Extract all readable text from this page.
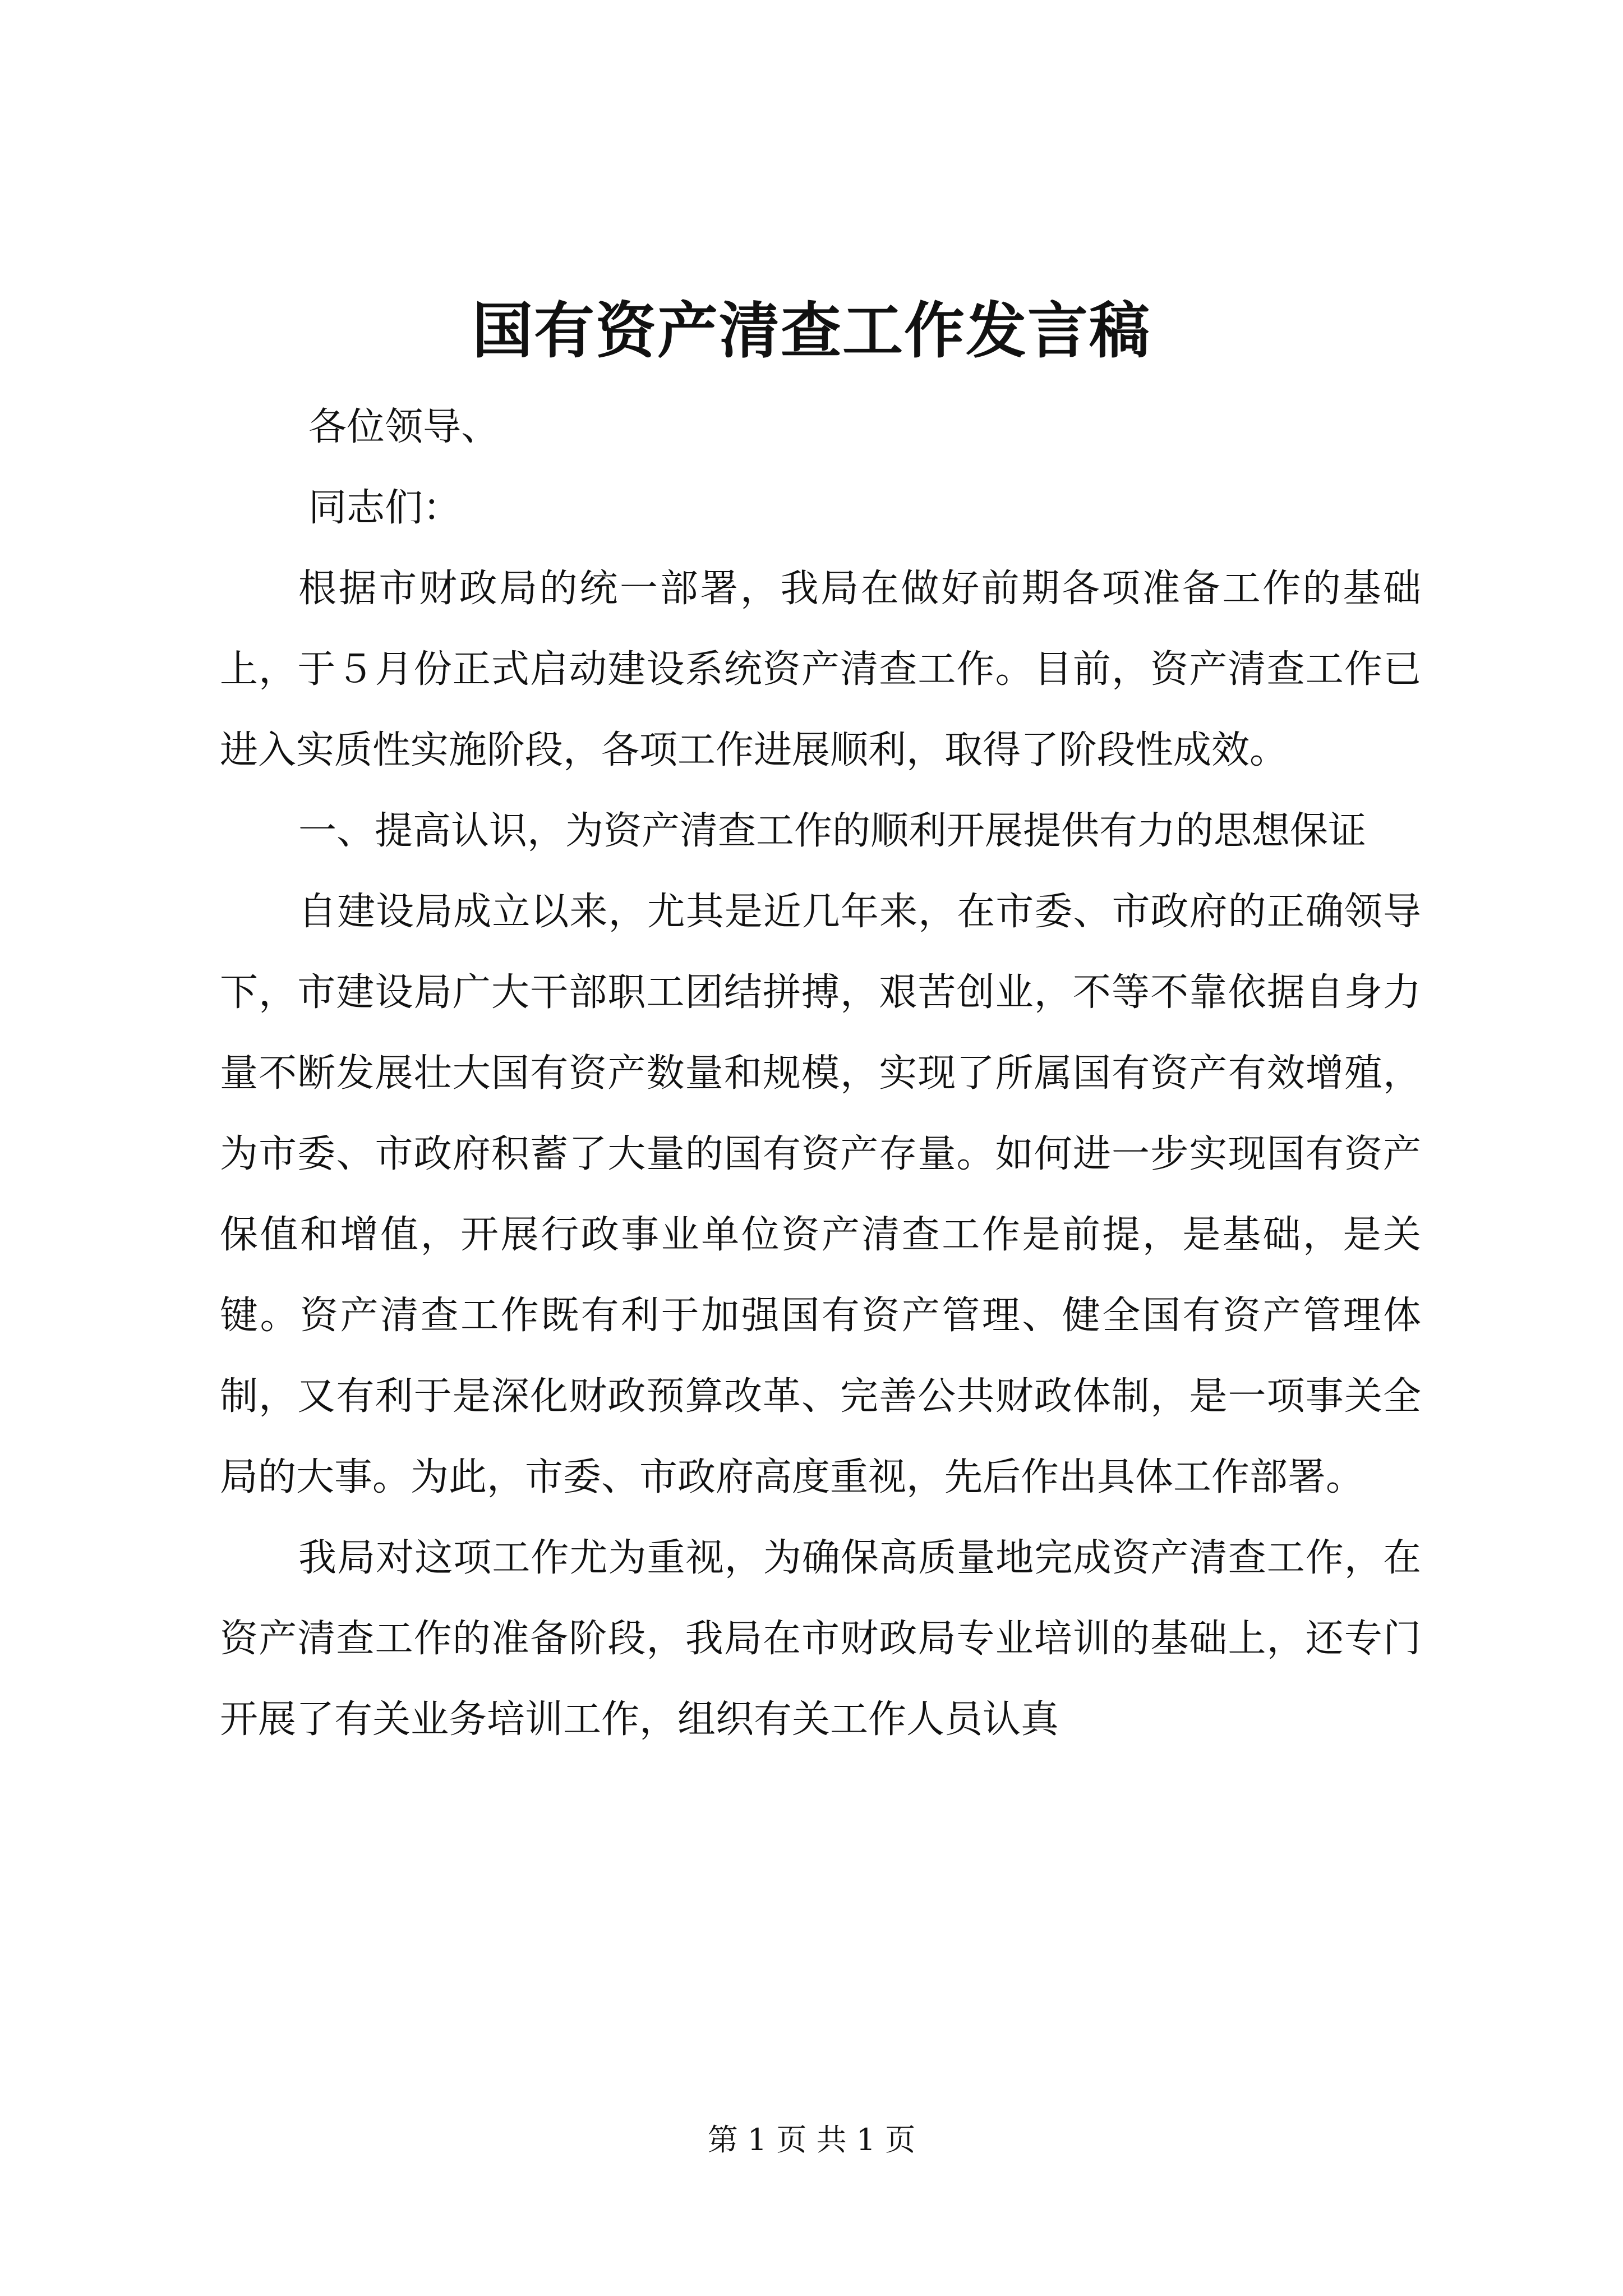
国有资产清查工作发言稿

各位领导、

同志们：

根据市财政局的统一部署，我局在做好前期各项准备工作的基础上，于５月份正式启动建设系统资产清查工作。目前，资产清查工作已进入实质性实施阶段，各项工作进展顺利，取得了阶段性成效。

一、提高认识，为资产清查工作的顺利开展提供有力的思想保证

自建设局成立以来，尤其是近几年来，在市委、市政府的正确领导下，市建设局广大干部职工团结拼搏，艰苦创业，不等不靠依据自身力量不断发展壮大国有资产数量和规模，实现了所属国有资产有效增殖，为市委、市政府积蓄了大量的国有资产存量。如何进一步实现国有资产保值和增值，开展行政事业单位资产清查工作是前提，是基础，是关键。资产清查工作既有利于加强国有资产管理、健全国有资产管理体制，又有利于是深化财政预算改革、完善公共财政体制，是一项事关全局的大事。为此，市委、市政府高度重视，先后作出具体工作部署。

我局对这项工作尤为重视，为确保高质量地完成资产清查工作，在资产清查工作的准备阶段，我局在市财政局专业培训的基础上，还专门开展了有关业务培训工作，组织有关工作人员认真

第 1 页 共 1 页
